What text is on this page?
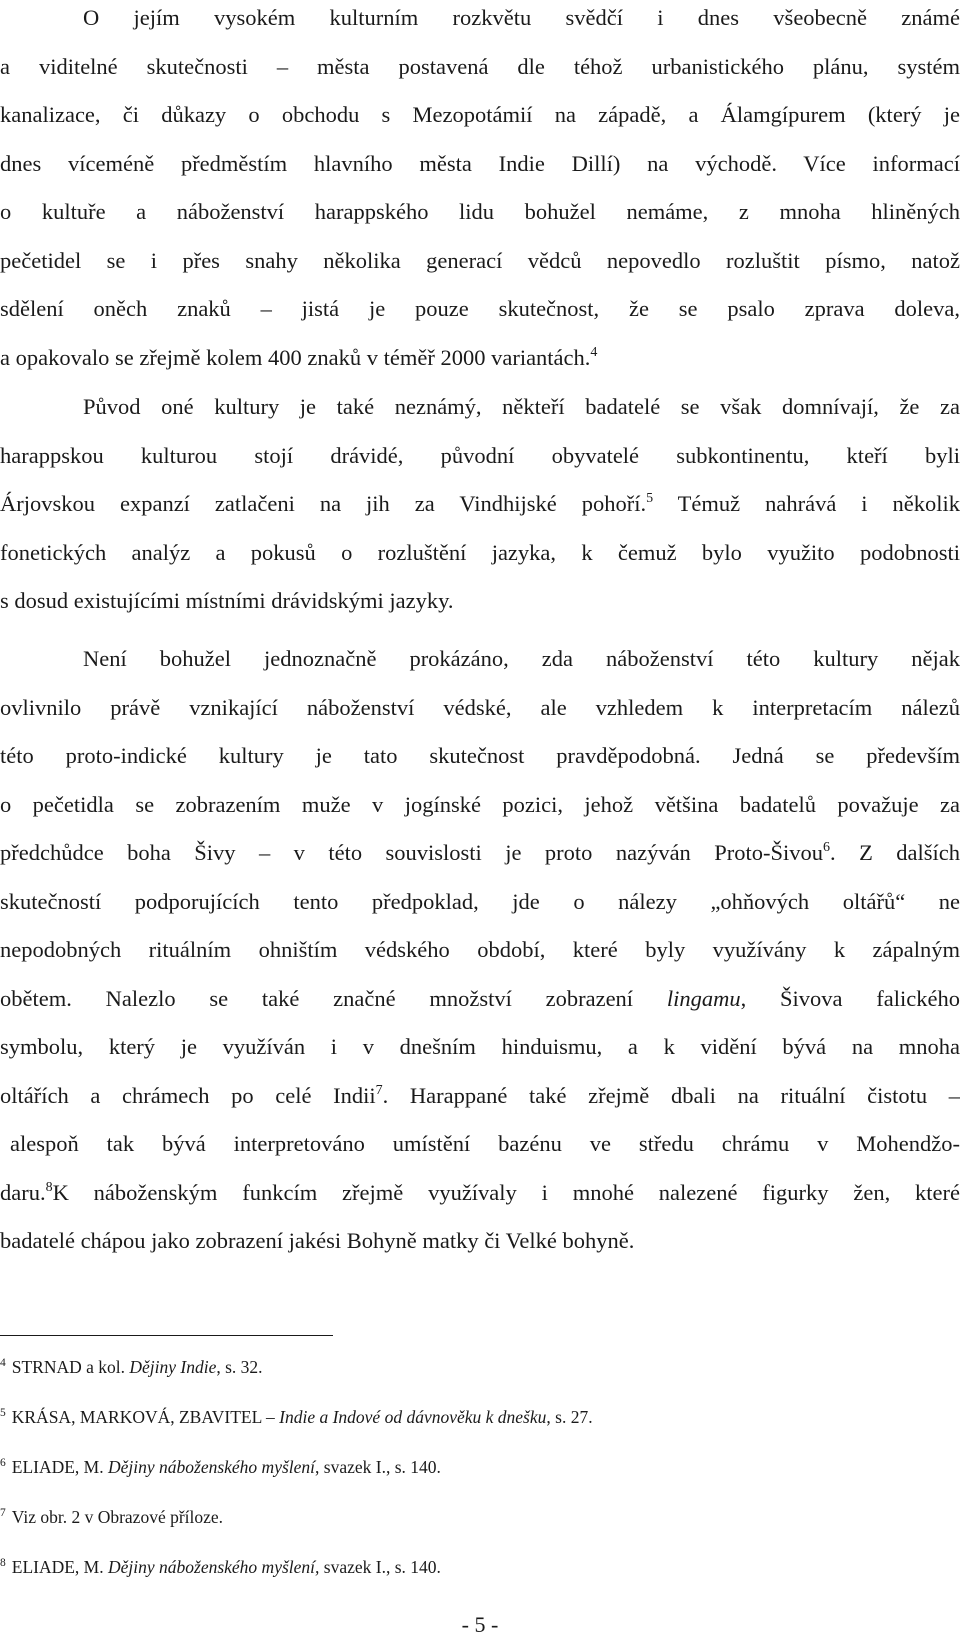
O jejím vysokém kulturním rozkvětu svědčí i dnes všeobecně známé
a viditelné skutečnosti – města postavená dle téhož urbanistického plánu, systém
kanalizace, či důkazy o obchodu s Mezopotámií na západě, a Álamgípurem (který je
dnes víceméně předměstím hlavního města Indie Dillí) na východě. Více informací
o kultuře a náboženství harappského lidu bohužel nemáme, z mnoha hliněných
pečetidel se i přes snahy několika generací vědců nepovedlo rozluštit písmo, natož
sdělení oněch znaků – jistá je pouze skutečnost, že se psalo zprava doleva,
a opakovalo se zřejmě kolem 400 znaků v téměř 2000 variantách.$^4$
Původ oné kultury je také neznámý, někteří badatelé se však domnívají, že za
harappskou kulturou stojí drávidé, původní obyvatelé subkontinentu, kteří byli
Árjovskou expanzí zatlačeni na jih za Vindhijské pohoří.$^5$ Témuž nahrává i několik
fonetických analýz a pokusů o rozluštění jazyka, k čemuž bylo využito podobnosti
s dosud existujícími místními drávidskými jazyky.
Není bohužel jednoznačně prokázáno, zda náboženství této kultury nějak
ovlivnilo právě vznikající náboženství védské, ale vzhledem k interpretacím nálezů
této proto-indické kultury je tato skutečnost pravděpodobná. Jedná se především
o pečetidla se zobrazením muže v jogínské pozici, jehož většina badatelů považuje za
předchůdce boha Šivy – v této souvislosti je proto nazýván Proto-Šivou$^6$. Z dalších
skutečností podporujících tento předpoklad, jde o nálezy „ohňových oltářů“ ne
nepodobných rituálním ohništím védského období, které byly využívány k zápalným
obětem. Nalezlo se také značné množství zobrazení lingamu, Šivova falického
symbolu, který je využíván i v dnešním hinduismu, a k vidění bývá na mnoha
oltářích a chrámech po celé Indii$^7$. Harappané také zřejmě dbali na rituální čistotu –
alespoň tak bývá interpretováno umístění bazénu ve středu chrámu v Mohendžo-
daru.$^8$K náboženským funkcím zřejmě využívaly i mnohé nalezené figurky žen, které
badatelé chápou jako zobrazení jakési Bohyně matky či Velké bohyně.
$^4$ STRNAD a kol. Dějiny Indie, s. 32.
$^5$ KRÁSA, MARKOVÁ, ZBAVITEL – Indie a Indové od dávnověku k dnešku, s. 27.
$^6$ ELIADE, M. Dějiny náboženského myšlení, svazek I., s. 140.
$^7$ Viz obr. 2 v Obrazové příloze.
$^8$ ELIADE, M. Dějiny náboženského myšlení, svazek I., s. 140.
- 5 -
